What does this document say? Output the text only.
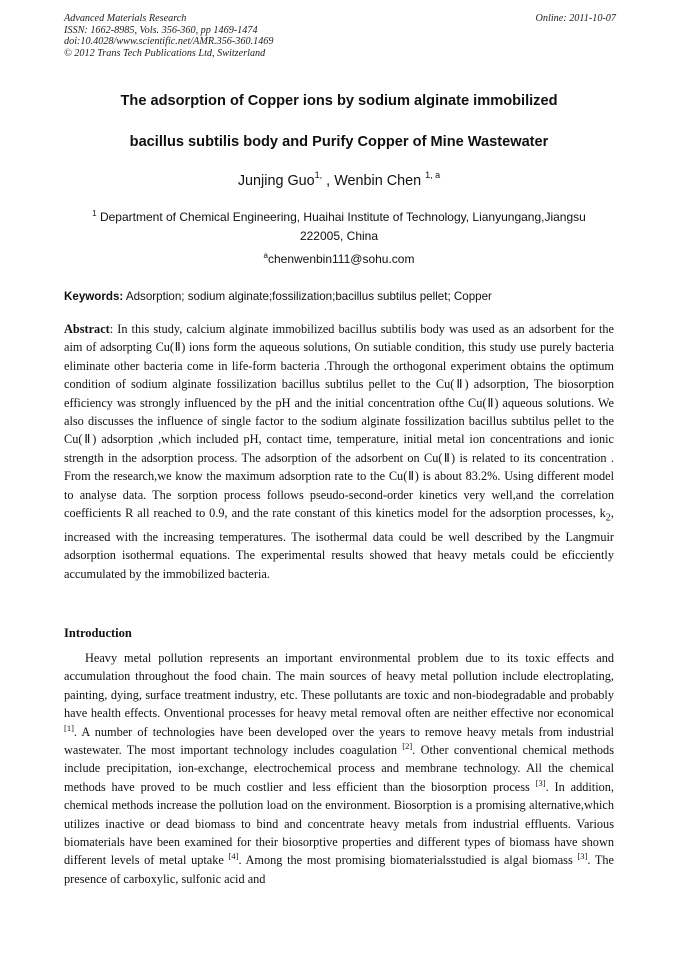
Advanced Materials Research
ISSN: 1662-8985, Vols. 356-360, pp 1469-1474
doi:10.4028/www.scientific.net/AMR.356-360.1469
© 2012 Trans Tech Publications Ltd, Switzerland
Online: 2011-10-07
The adsorption of Copper ions by sodium alginate immobilized
bacillus subtilis body and Purify Copper of Mine Wastewater
Junjing Guo$^{1,}$ , Wenbin Chen $^{1, a}$
$^1$ Department of Chemical Engineering, Huaihai Institute of Technology, Lianyungang,Jiangsu 222005, China
$^a$chenwenbin111@sohu.com
Keywords: Adsorption; sodium alginate;fossilization;bacillus subtilus pellet; Copper
Abstract: In this study, calcium alginate immobilized bacillus subtilis body was used as an adsorbent for the aim of adsorpting Cu(Ⅱ) ions form the aqueous solutions, On sutiable condition, this study use purely bacteria eliminate other bacteria come in life-form bacteria .Through the orthogonal experiment obtains the optimum condition of sodium alginate fossilization bacillus subtilus pellet to the Cu(Ⅱ) adsorption, The biosorption efficiency was strongly influenced by the pH and the initial concentration ofthe Cu(Ⅱ) aqueous solutions. We also discusses the influence of single factor to the sodium alginate fossilization bacillus subtilus pellet to the Cu(Ⅱ) adsorption ,which included pH, contact time, temperature, initial metal ion concentrations and ionic strength in the adsorption process. The adsorption of the adsorbent on Cu(Ⅱ) is related to its concentration . From the research,we know the maximum adsorption rate to the Cu(Ⅱ) is about 83.2%. Using different model to analyse data. The sorption process follows pseudo-second-order kinetics very well,and the correlation coefficients R all reached to 0.9, and the rate constant of this kinetics model for the adsorption processes, $k_2$, increased with the increasing temperatures. The isothermal data could be well described by the Langmuir adsorption isothermal equations. The experimental results showed that heavy metals could be eficciently accumulated by the immobilized bacteria.
Introduction

Heavy metal pollution represents an important environmental problem due to its toxic effects and accumulation throughout the food chain. The main sources of heavy metal pollution include electroplating, painting, dying, surface treatment industry, etc. These pollutants are toxic and non-biodegradable and probably have health effects. Onventional processes for heavy metal removal often are neither effective nor economical [1]. A number of technologies have been developed over the years to remove heavy metals from industrial wastewater. The most important technology includes coagulation [2]. Other conventional chemical methods include precipitation, ion-exchange, electrochemical process and membrane technology. All the chemical methods have proved to be much costlier and less efficient than the biosorption process [3]. In addition, chemical methods increase the pollution load on the environment. Biosorption is a promising alternative,which utilizes inactive or dead biomass to bind and concentrate heavy metals from industrial effluents. Various biomaterials have been examined for their biosorptive properties and different types of biomass have shown different levels of metal uptake [4]. Among the most promising biomaterialsstudied is algal biomass [3]. The presence of carboxylic, sulfonic acid and
